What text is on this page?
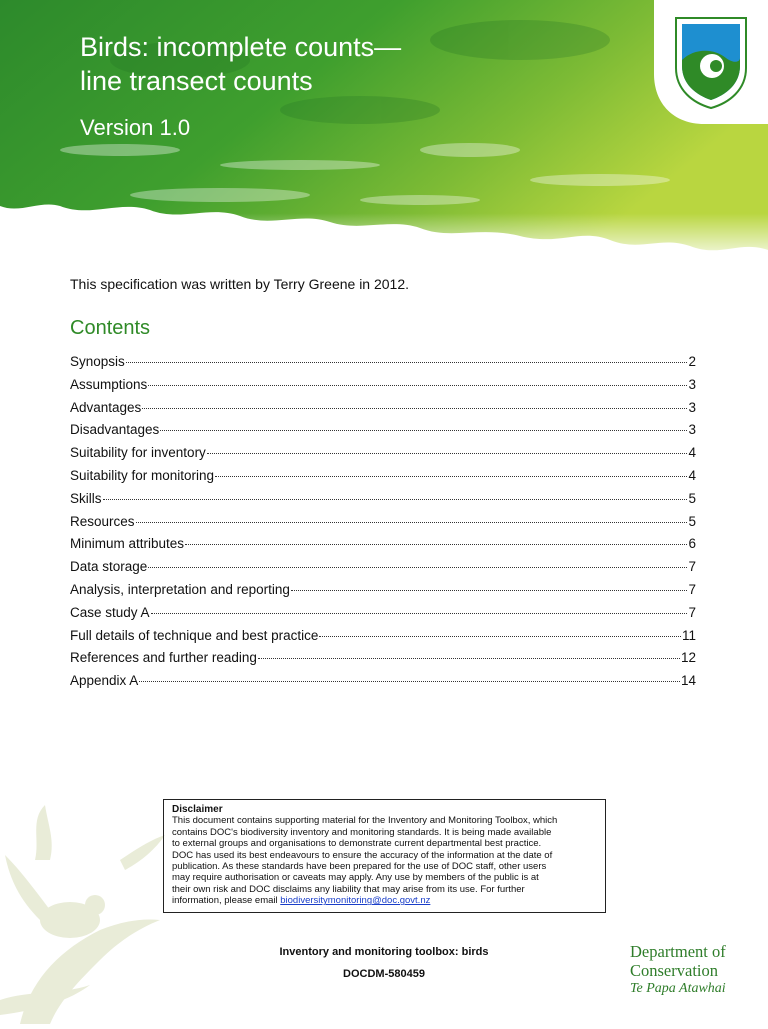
Birds: incomplete counts—
line transect counts
Version 1.0
This specification was written by Terry Greene in 2012.
Contents
Synopsis	2
Assumptions	3
Advantages	3
Disadvantages	3
Suitability for inventory	4
Suitability for monitoring	4
Skills	5
Resources	5
Minimum attributes	6
Data storage	7
Analysis, interpretation and reporting	7
Case study A	7
Full details of technique and best practice	11
References and further reading	12
Appendix A	14
Disclaimer
This document contains supporting material for the Inventory and Monitoring Toolbox, which
contains DOC's biodiversity inventory and monitoring standards. It is being made available
to external groups and organisations to demonstrate current departmental best practice.
DOC has used its best endeavours to ensure the accuracy of the information at the date of
publication. As these standards have been prepared for the use of DOC staff, other users
may require authorisation or caveats may apply. Any use by members of the public is at
their own risk and DOC disclaims any liability that may arise from its use. For further
information, please email biodiversitymonitoring@doc.govt.nz
Inventory and monitoring toolbox: birds
DOCDM-580459
Department of
Conservation
Te Papa Atawhai
